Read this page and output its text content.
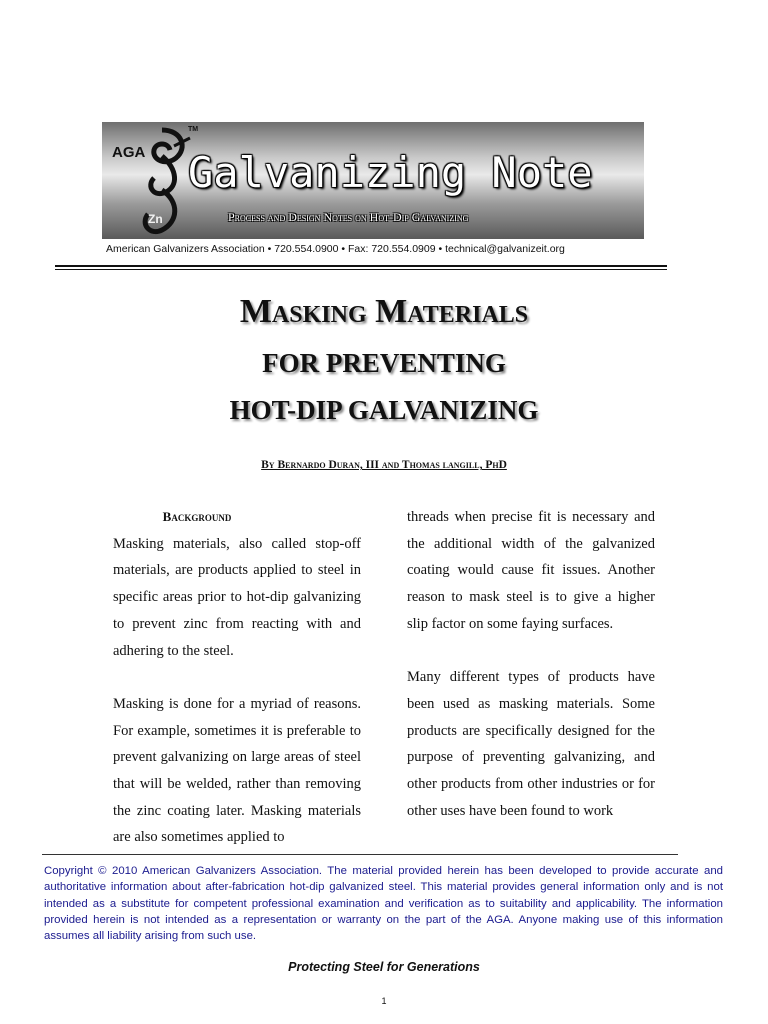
AGA
TM
Zn
Galvanizing Note
Process and Design Notes on Hot-Dip Galvanizing
American Galvanizers Association • 720.554.0900 • Fax: 720.554.0909 • technical@galvanizeit.org
Masking Materials
FOR PREVENTING
HOT-DIP GALVANIZING
By Bernardo Duran, III and Thomas langill, PhD
Background

Masking materials, also called stop-off materials, are products applied to steel in specific areas prior to hot-dip galvanizing to prevent zinc from reacting with and adhering to the steel.

Masking is done for a myriad of reasons. For example, sometimes it is preferable to prevent galvanizing on large areas of steel that will be welded, rather than removing the zinc coating later. Masking materials are also sometimes applied to

threads when precise fit is necessary and the additional width of the galvanized coating would cause fit issues. Another reason to mask steel is to give a higher slip factor on some faying surfaces.

Many different types of products have been used as masking materials. Some products are specifically designed for the purpose of preventing galvanizing, and other products from other industries or for other uses have been found to work

Copyright © 2010 American Galvanizers Association. The material provided herein has been developed to provide accurate and authoritative information about after-fabrication hot-dip galvanized steel. This material provides general information only and is not intended as a substitute for competent professional examination and verification as to suitability and applicability. The information provided herein is not intended as a representation or warranty on the part of the AGA. Anyone making use of this information assumes all liability arising from such use.
Protecting Steel for Generations
1
